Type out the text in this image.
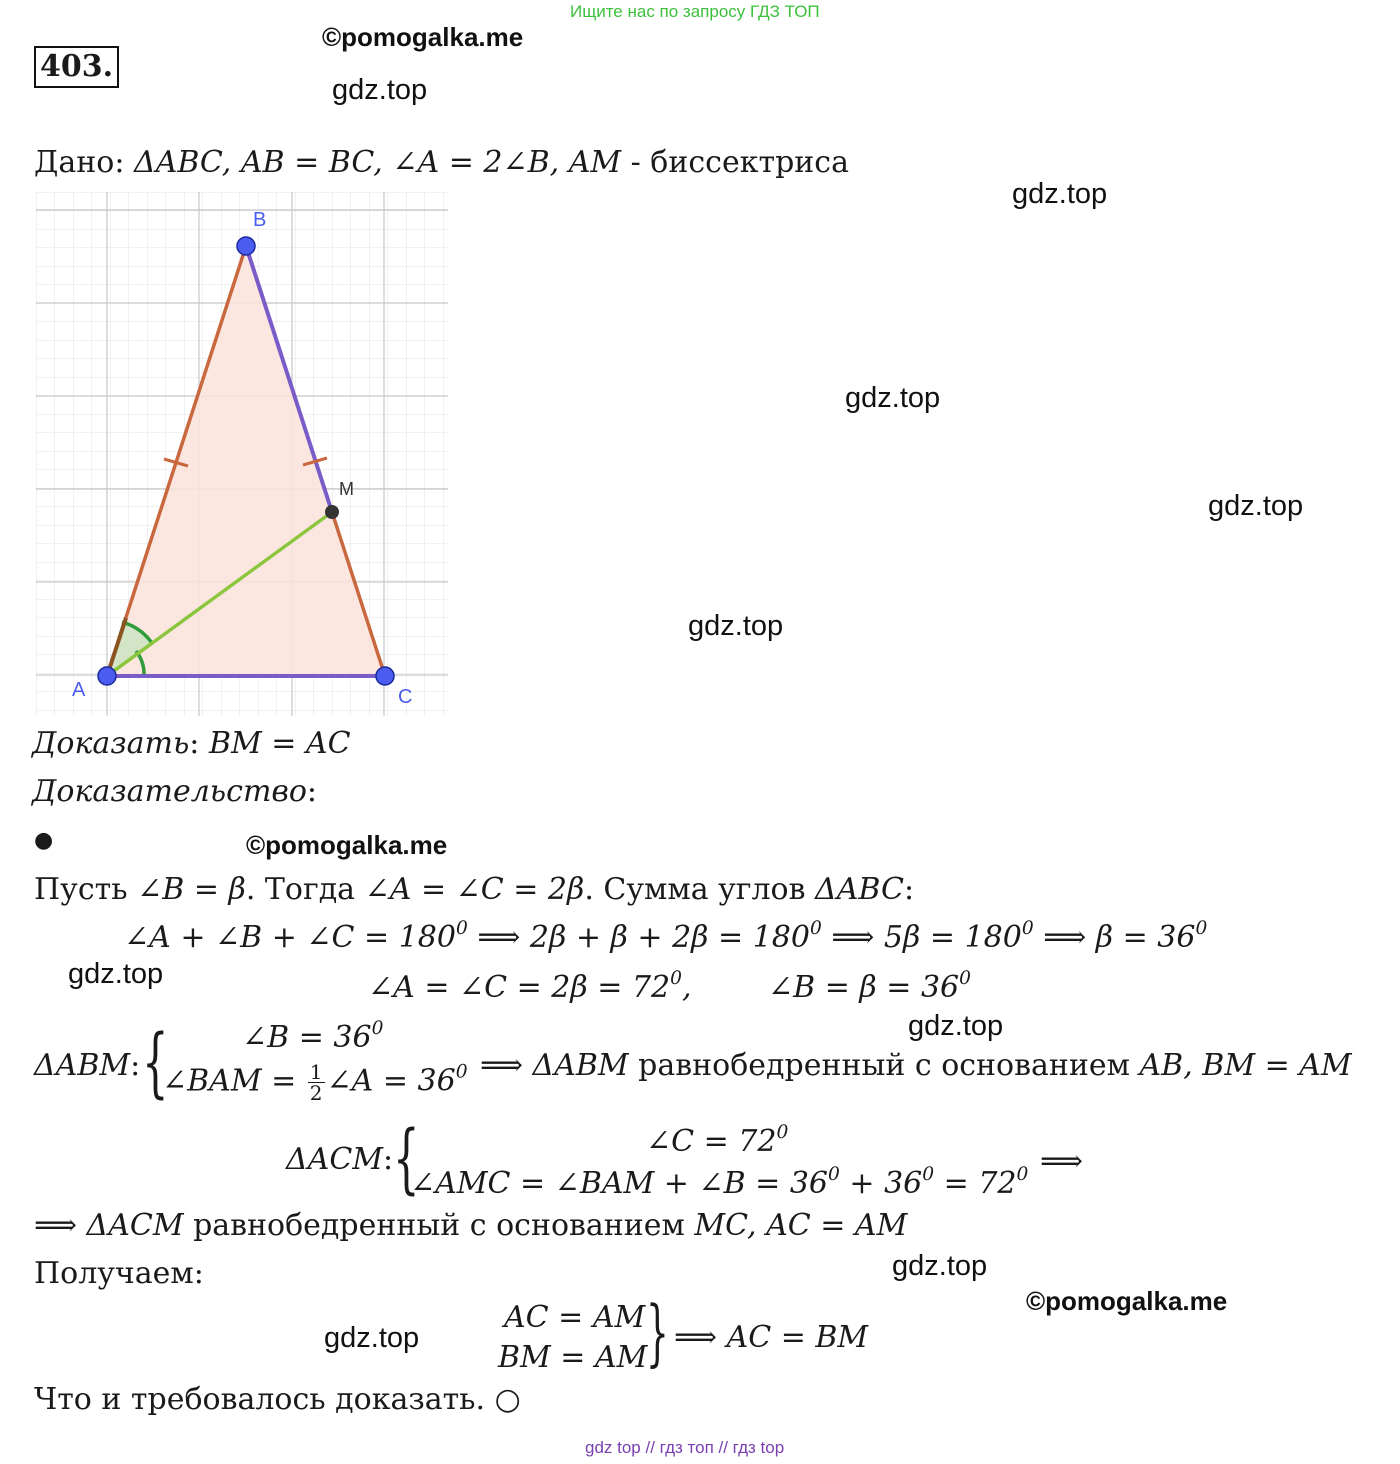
Ищите нас по запросу ГДЗ ТОП
403.
©pomogalka.me
gdz.top
gdz.top
gdz.top
gdz.top
gdz.top
©pomogalka.me
gdz.top
gdz.top
gdz.top
©pomogalka.me
gdz.top
Дано: ΔABC, AB = BC, ∠A = 2∠B, AM - биссектриса
B
A	C
M
Доказать: BM = AC
Доказательство:
●
Пусть ∠B = β. Тогда ∠A = ∠C = 2β. Сумма углов ΔABC:
∠A + ∠B + ∠C = $180^0$ ⟹ $2\beta + \beta + 2\beta = 180^0$ ⟹ $5\beta = 180^0$ ⟹ $\beta = 36^0$
∠A = ∠C = $2\beta = 72^0$,	∠B = $\beta = 36^0$
ΔABM: { ∠B = $36^0$
∠BAM = $\frac{1}{2}$ ∠A = $36^0$ ⟹ ΔABM равнобедренный с основанием AB, BM = AM
ΔACM: {	∠C = $72^0$
∠AMC = ∠BAM + ∠B = $36^0 + 36^0 = 72^0$ ⟹
⟹ ΔACM равнобедренный с основанием MC, AC = AM
Получаем:
AC = AM
BM = AM
} ⟹ AC = BM
Что и требовалось доказать. ○
gdz top // гдз топ // гдз top
